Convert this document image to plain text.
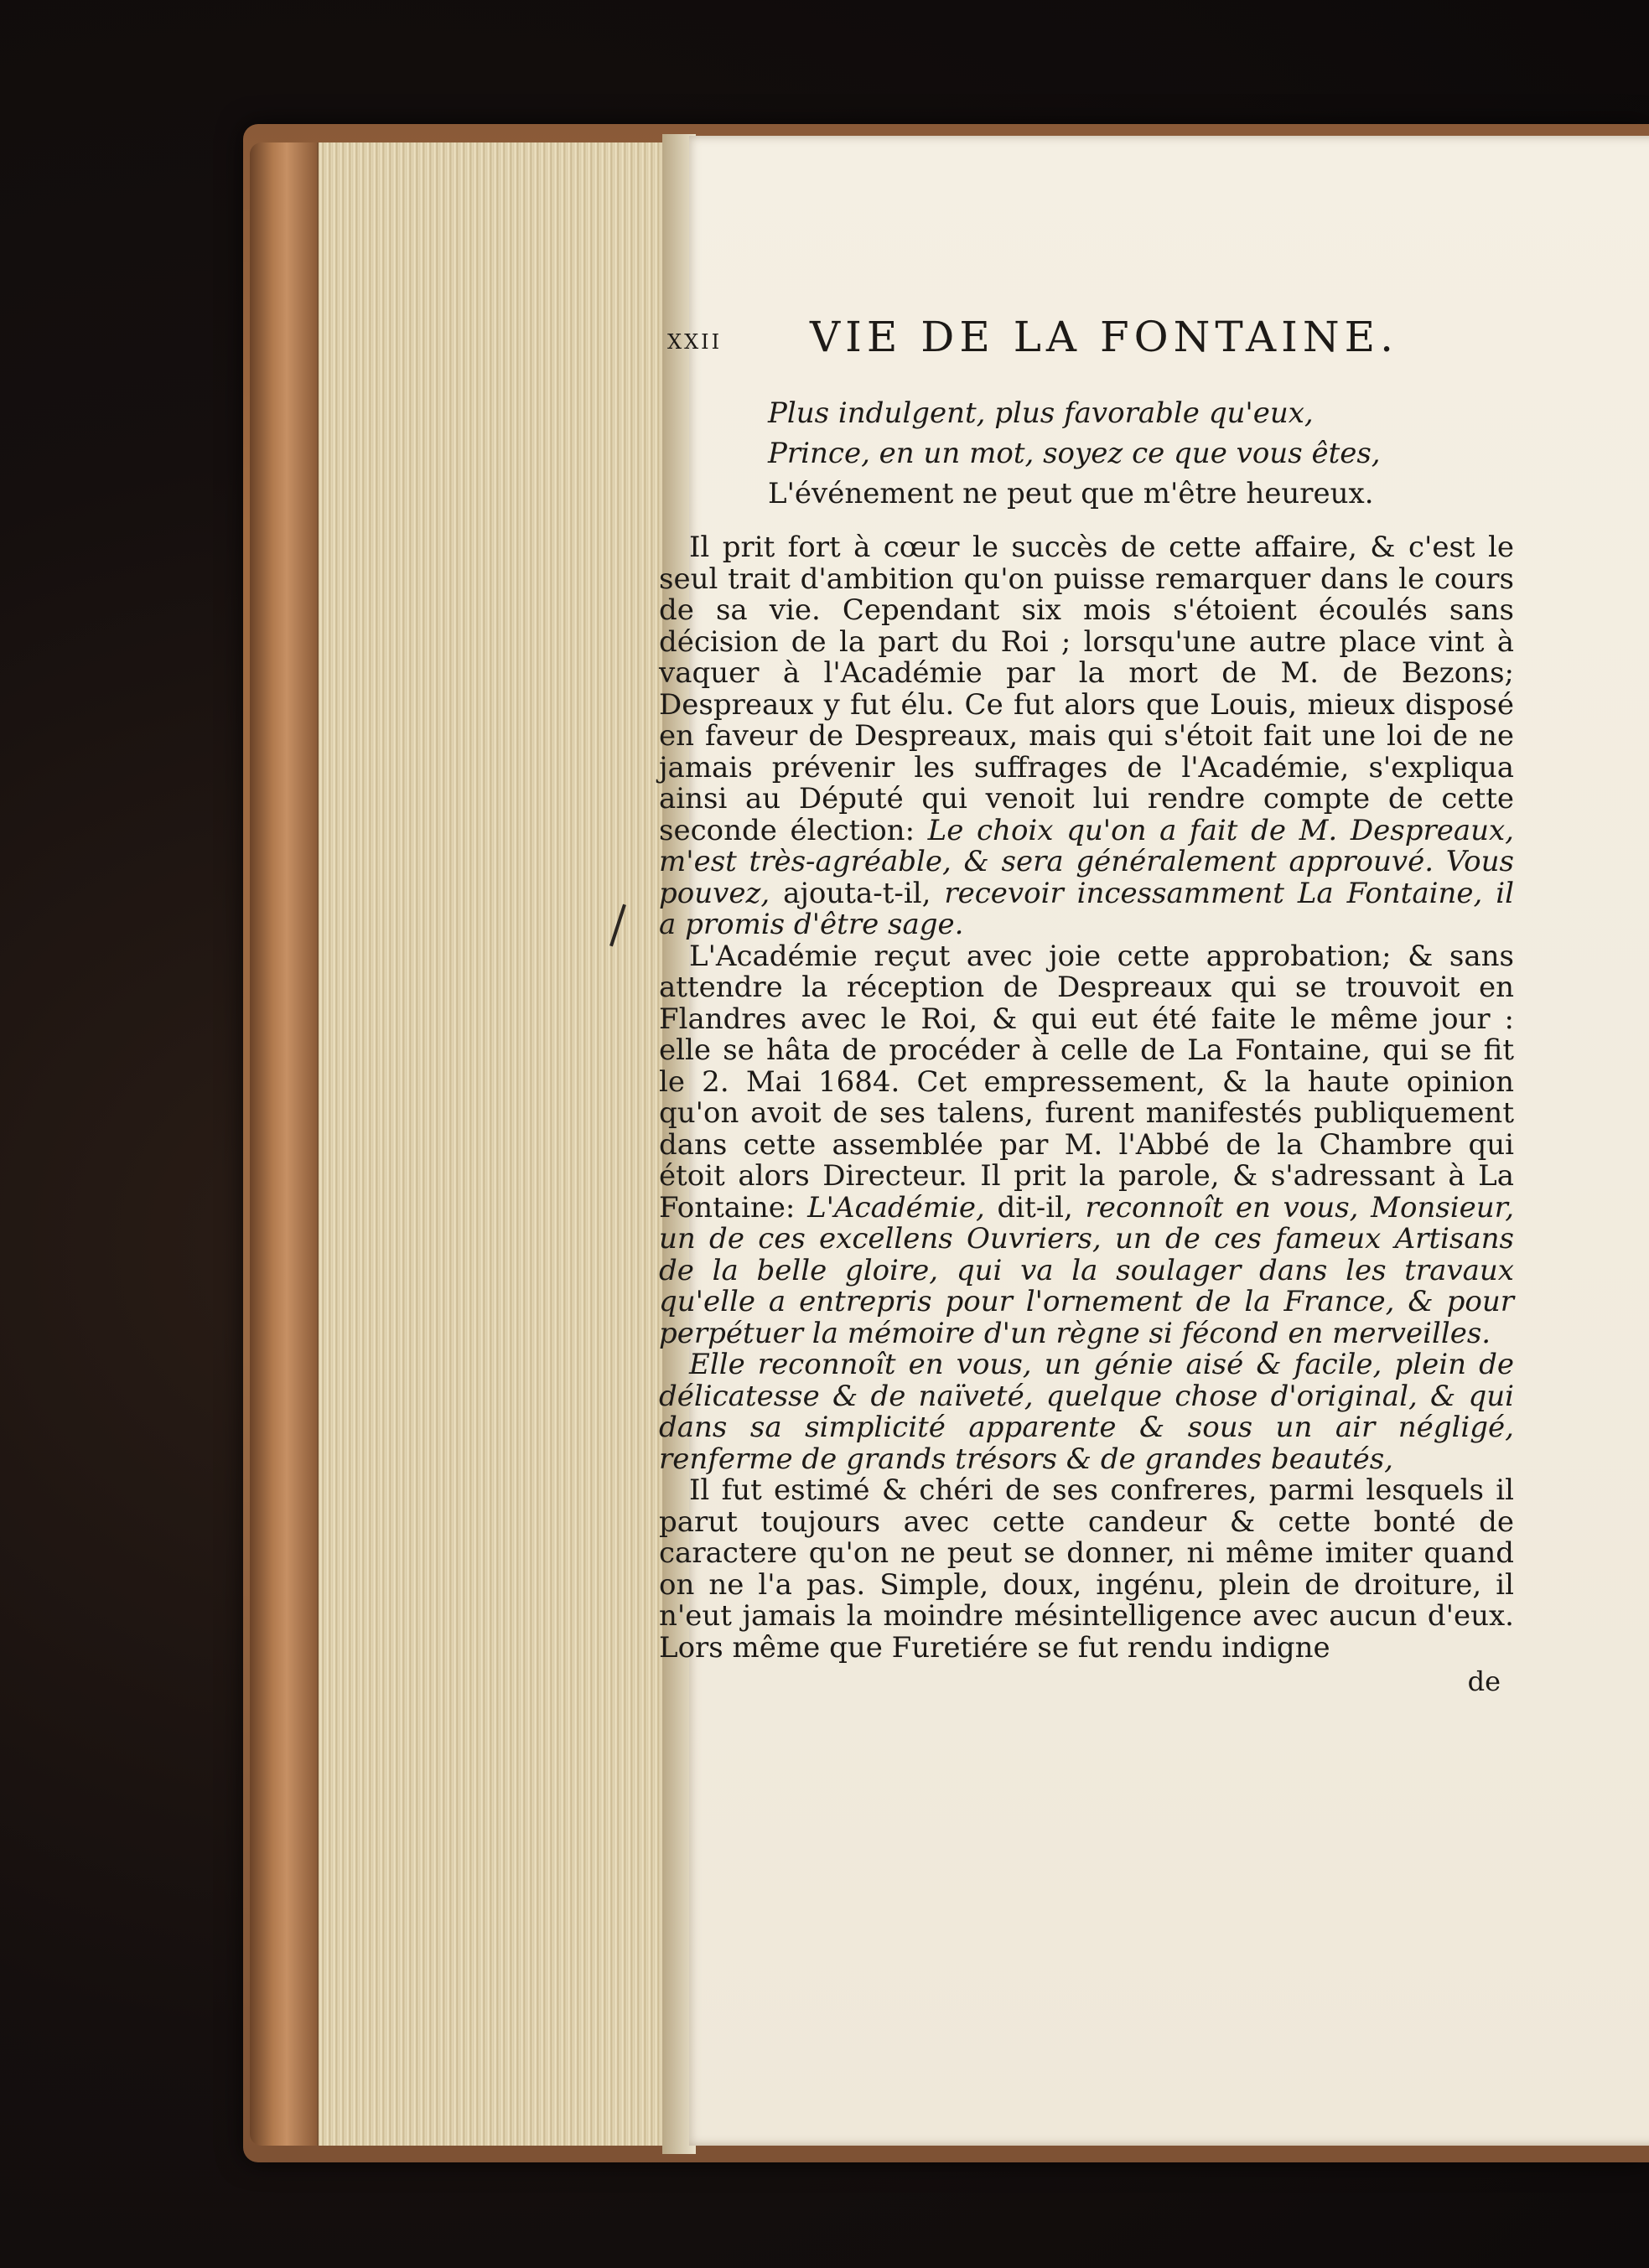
xxii VIE DE LA FONTAINE.
Plus indulgent, plus favorable qu'eux,
Prince, en un mot, soyez ce que vous êtes,
L'événement ne peut que m'être heureux.

Il prit fort à cœur le succès de cette affaire, & c'est le seul trait d'ambition qu'on puisse remarquer dans le cours de sa vie. Cependant six mois s'étoient écoulés sans décision de la part du Roi ; lorsqu'une autre place vint à vaquer à l'Académie par la mort de M. de Bezons; Despreaux y fut élu. Ce fut alors que Louis, mieux disposé en faveur de Despreaux, mais qui s'étoit fait une loi de ne jamais prévenir les suffrages de l'Académie, s'expliqua ainsi au Député qui venoit lui rendre compte de cette seconde élection: Le choix qu'on a fait de M. Despreaux, m'est très-agréable, & sera généralement approuvé. Vous pouvez, ajouta-t-il, recevoir incessamment La Fontaine, il a promis d'être sage.

L'Académie reçut avec joie cette approbation; & sans attendre la réception de Despreaux qui se trouvoit en Flandres avec le Roi, & qui eut été faite le même jour : elle se hâta de procéder à celle de La Fontaine, qui se fit le 2. Mai 1684. Cet empressement, & la haute opinion qu'on avoit de ses talens, furent manifestés publiquement dans cette assemblée par M. l'Abbé de la Chambre qui étoit alors Directeur. Il prit la parole, & s'adressant à La Fontaine: L'Académie, dit-il, reconnoît en vous, Monsieur, un de ces excellens Ouvriers, un de ces fameux Artisans de la belle gloire, qui va la soulager dans les travaux qu'elle a entrepris pour l'ornement de la France, & pour perpétuer la mémoire d'un règne si fécond en merveilles.

Elle reconnoît en vous, un génie aisé & facile, plein de délicatesse & de naïveté, quelque chose d'original, & qui dans sa simplicité apparente & sous un air négligé, renferme de grands trésors & de grandes beautés,

Il fut estimé & chéri de ses confreres, parmi lesquels il parut toujours avec cette candeur & cette bonté de caractere qu'on ne peut se donner, ni même imiter quand on ne l'a pas. Simple, doux, ingénu, plein de droiture, il n'eut jamais la moindre mésintelligence avec aucun d'eux. Lors même que Furetiére se fut rendu indigne

de
